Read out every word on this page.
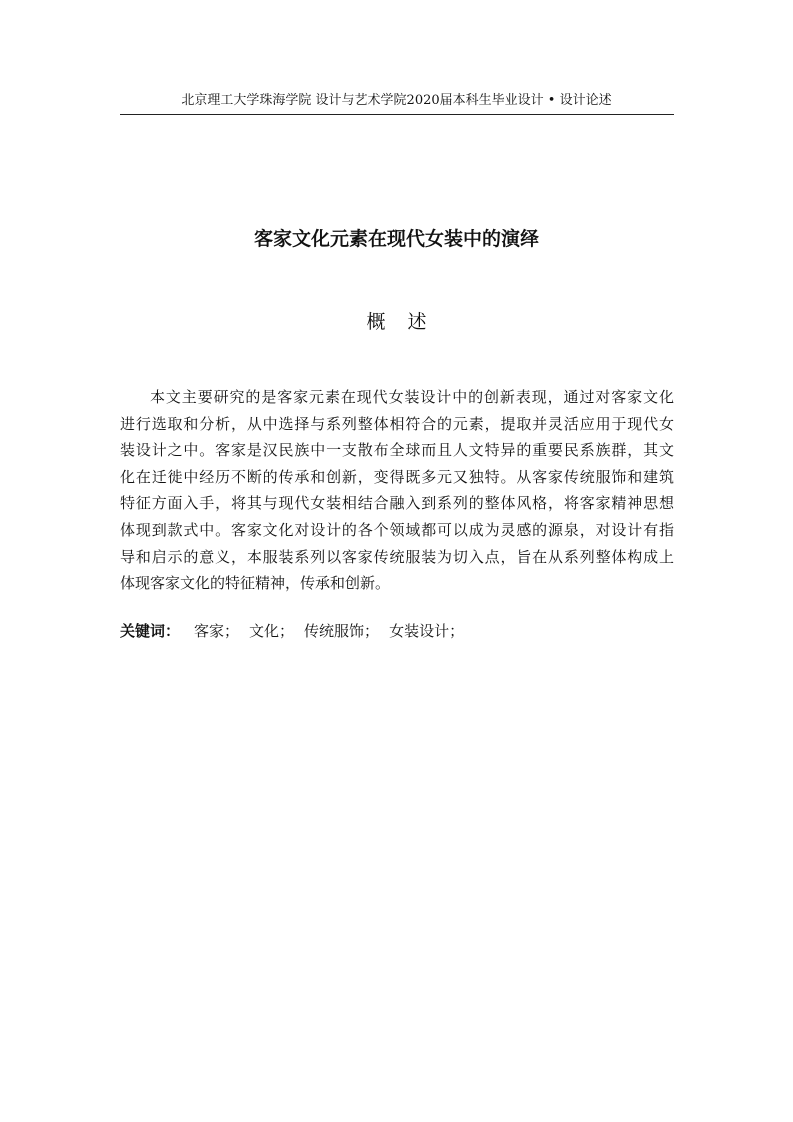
北京理工大学珠海学院 设计与艺术学院2020届本科生毕业设计 • 设计论述
客家文化元素在现代女装中的演绎
概述
本文主要研究的是客家元素在现代女装设计中的创新表现，通过对客家文化
进行选取和分析，从中选择与系列整体相符合的元素，提取并灵活应用于现代女
装设计之中。客家是汉民族中一支散布全球而且人文特异的重要民系族群，其文
化在迁徙中经历不断的传承和创新，变得既多元又独特。从客家传统服饰和建筑
特征方面入手，将其与现代女装相结合融入到系列的整体风格，将客家精神思想
体现到款式中。客家文化对设计的各个领域都可以成为灵感的源泉，对设计有指
导和启示的意义，本服装系列以客家传统服装为切入点，旨在从系列整体构成上
体现客家文化的特征精神，传承和创新。
关键词： 客家； 文化； 传统服饰； 女装设计；
